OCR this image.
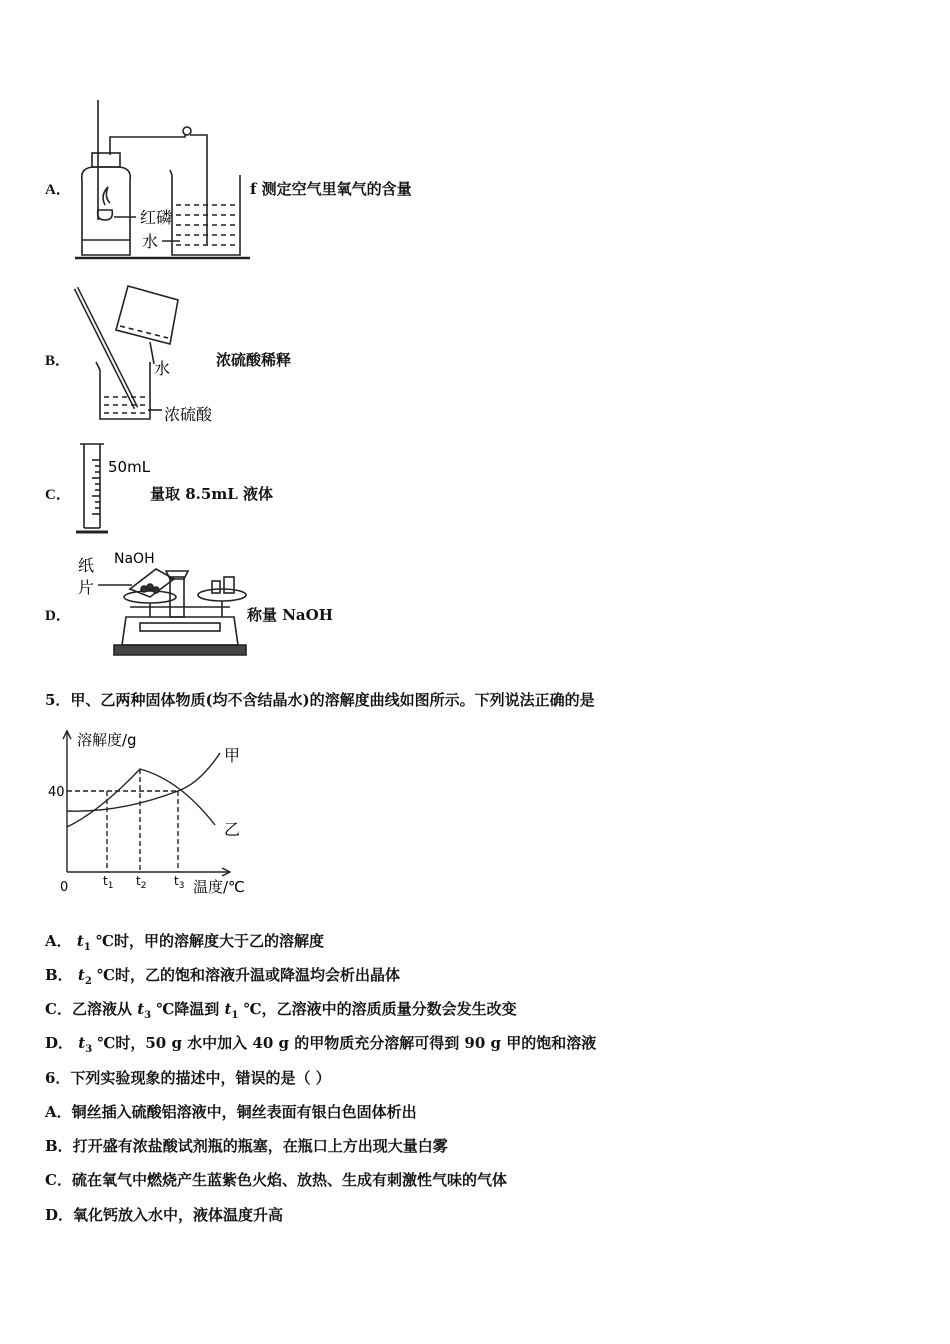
A．
红磷
水
f 测定空气里氧气的含量
B．	水
浓硫酸
浓硫酸稀释
C．
50mL
量取 8.5mL 液体
D．
纸
片
NaOH
称量 NaOH
5．甲、乙两种固体物质(均不含结晶水)的溶解度曲线如图所示。下列说法正确的是
溶解度/g
40
0	$t_1$ $t_2$ $t_3$ 温度/℃
甲
乙
A． $t_1$ ℃时，甲的溶解度大于乙的溶解度
B． $t_2$ ℃时，乙的饱和溶液升温或降温均会析出晶体
C．乙溶液从 $t_3$ ℃降温到 $t_1$ ℃，乙溶液中的溶质质量分数会发生改变
D． $t_3$ ℃时，50 g 水中加入 40 g 的甲物质充分溶解可得到 90 g 甲的饱和溶液
6．下列实验现象的描述中，错误的是（ ）
A．铜丝插入硫酸铝溶液中，铜丝表面有银白色固体析出
B．打开盛有浓盐酸试剂瓶的瓶塞，在瓶口上方出现大量白雾
C．硫在氧气中燃烧产生蓝紫色火焰、放热、生成有刺激性气味的气体
D．氧化钙放入水中，液体温度升高
